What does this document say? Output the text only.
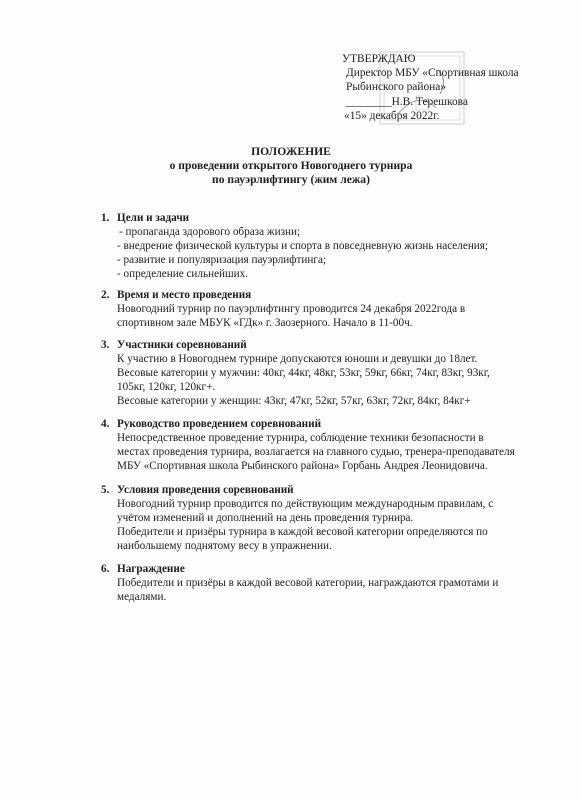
УТВЕРЖДАЮ
Директор МБУ «Спортивная школа
Рыбинского района»
________Н.В. Терешкова
«15» декабря 2022г.
ПОЛОЖЕНИЕ
о проведении открытого Новогоднего турнира
по пауэрлифтингу (жим лежа)
1. Цели и задачи
- пропаганда здорового образа жизни;
- внедрение физической культуры и спорта в повседневную жизнь населения;
- развитие и популяризация пауэрлифтинга;
- определение сильнейших.
2. Время и место проведения
Новогодний турнир по пауэрлифтингу проводится 24 декабря 2022года в
спортивном зале МБУК «ГДк» г. Заозерного. Начало в 11-00ч.
3. Участники соревнований
К участию в Новогоднем турнире допускаются юноши и девушки до 18лет.
Весовые категории у мужчин: 40кг, 44кг, 48кг, 53кг, 59кг, 66кг, 74кг, 83кг, 93кг,
105кг, 120кг, 120кг+.
Весовые категории у женщин: 43кг, 47кг, 52кг, 57кг, 63кг, 72кг, 84кг, 84кг+
4. Руководство проведением соревнований
Непосредственное проведение турнира, соблюдение техники безопасности в
местах проведения турнира, возлагается на главного судью, тренера-преподавателя
МБУ «Спортивная школа Рыбинского района» Горбань Андрея Леонидовича.
5. Условия проведения соревнований
Новогодний турнир проводится по действующим международным правилам, с
учётом изменений и дополнений на день проведения турнира.
Победители и призёры турнира в каждой весовой категории определяются по
наибольшему поднятому весу в упражнении.
6. Награждение
Победители и призёры в каждой весовой категории, награждаются грамотами и
медалями.
